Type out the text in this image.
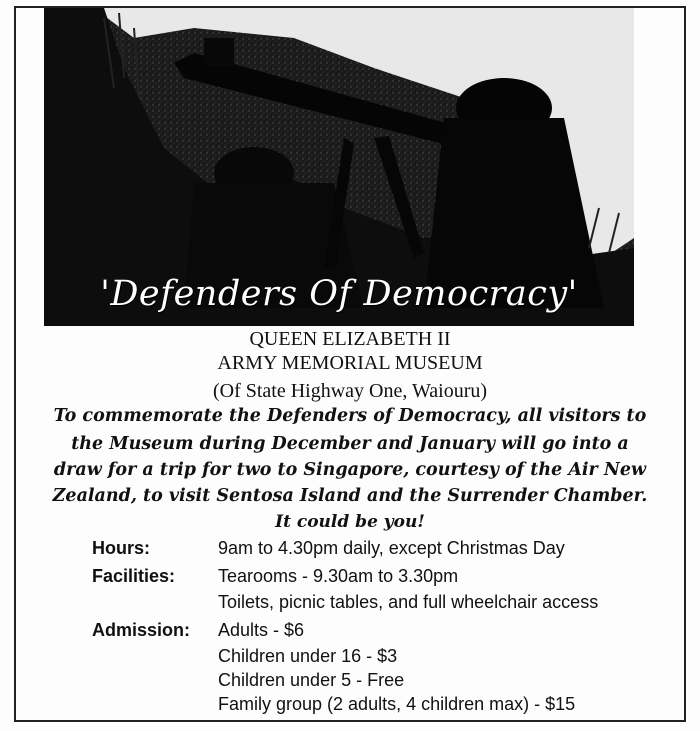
'Defenders Of Democracy'
QUEEN ELIZABETH II
ARMY MEMORIAL MUSEUM
(Of State Highway One, Waiouru)
To commemorate the Defenders of Democracy, all visitors to
the Museum during December and January will go into a
draw for a trip for two to Singapore, courtesy of the Air New
Zealand, to visit Sentosa Island and the Surrender Chamber.
It could be you!
Hours:	9am to 4.30pm daily, except Christmas Day
Facilities: Tearooms - 9.30am to 3.30pm
Toilets, picnic tables, and full wheelchair access
Admission: Adults - $6
Children under 16 - $3
Children under 5 - Free
Family group (2 adults, 4 children max) - $15
